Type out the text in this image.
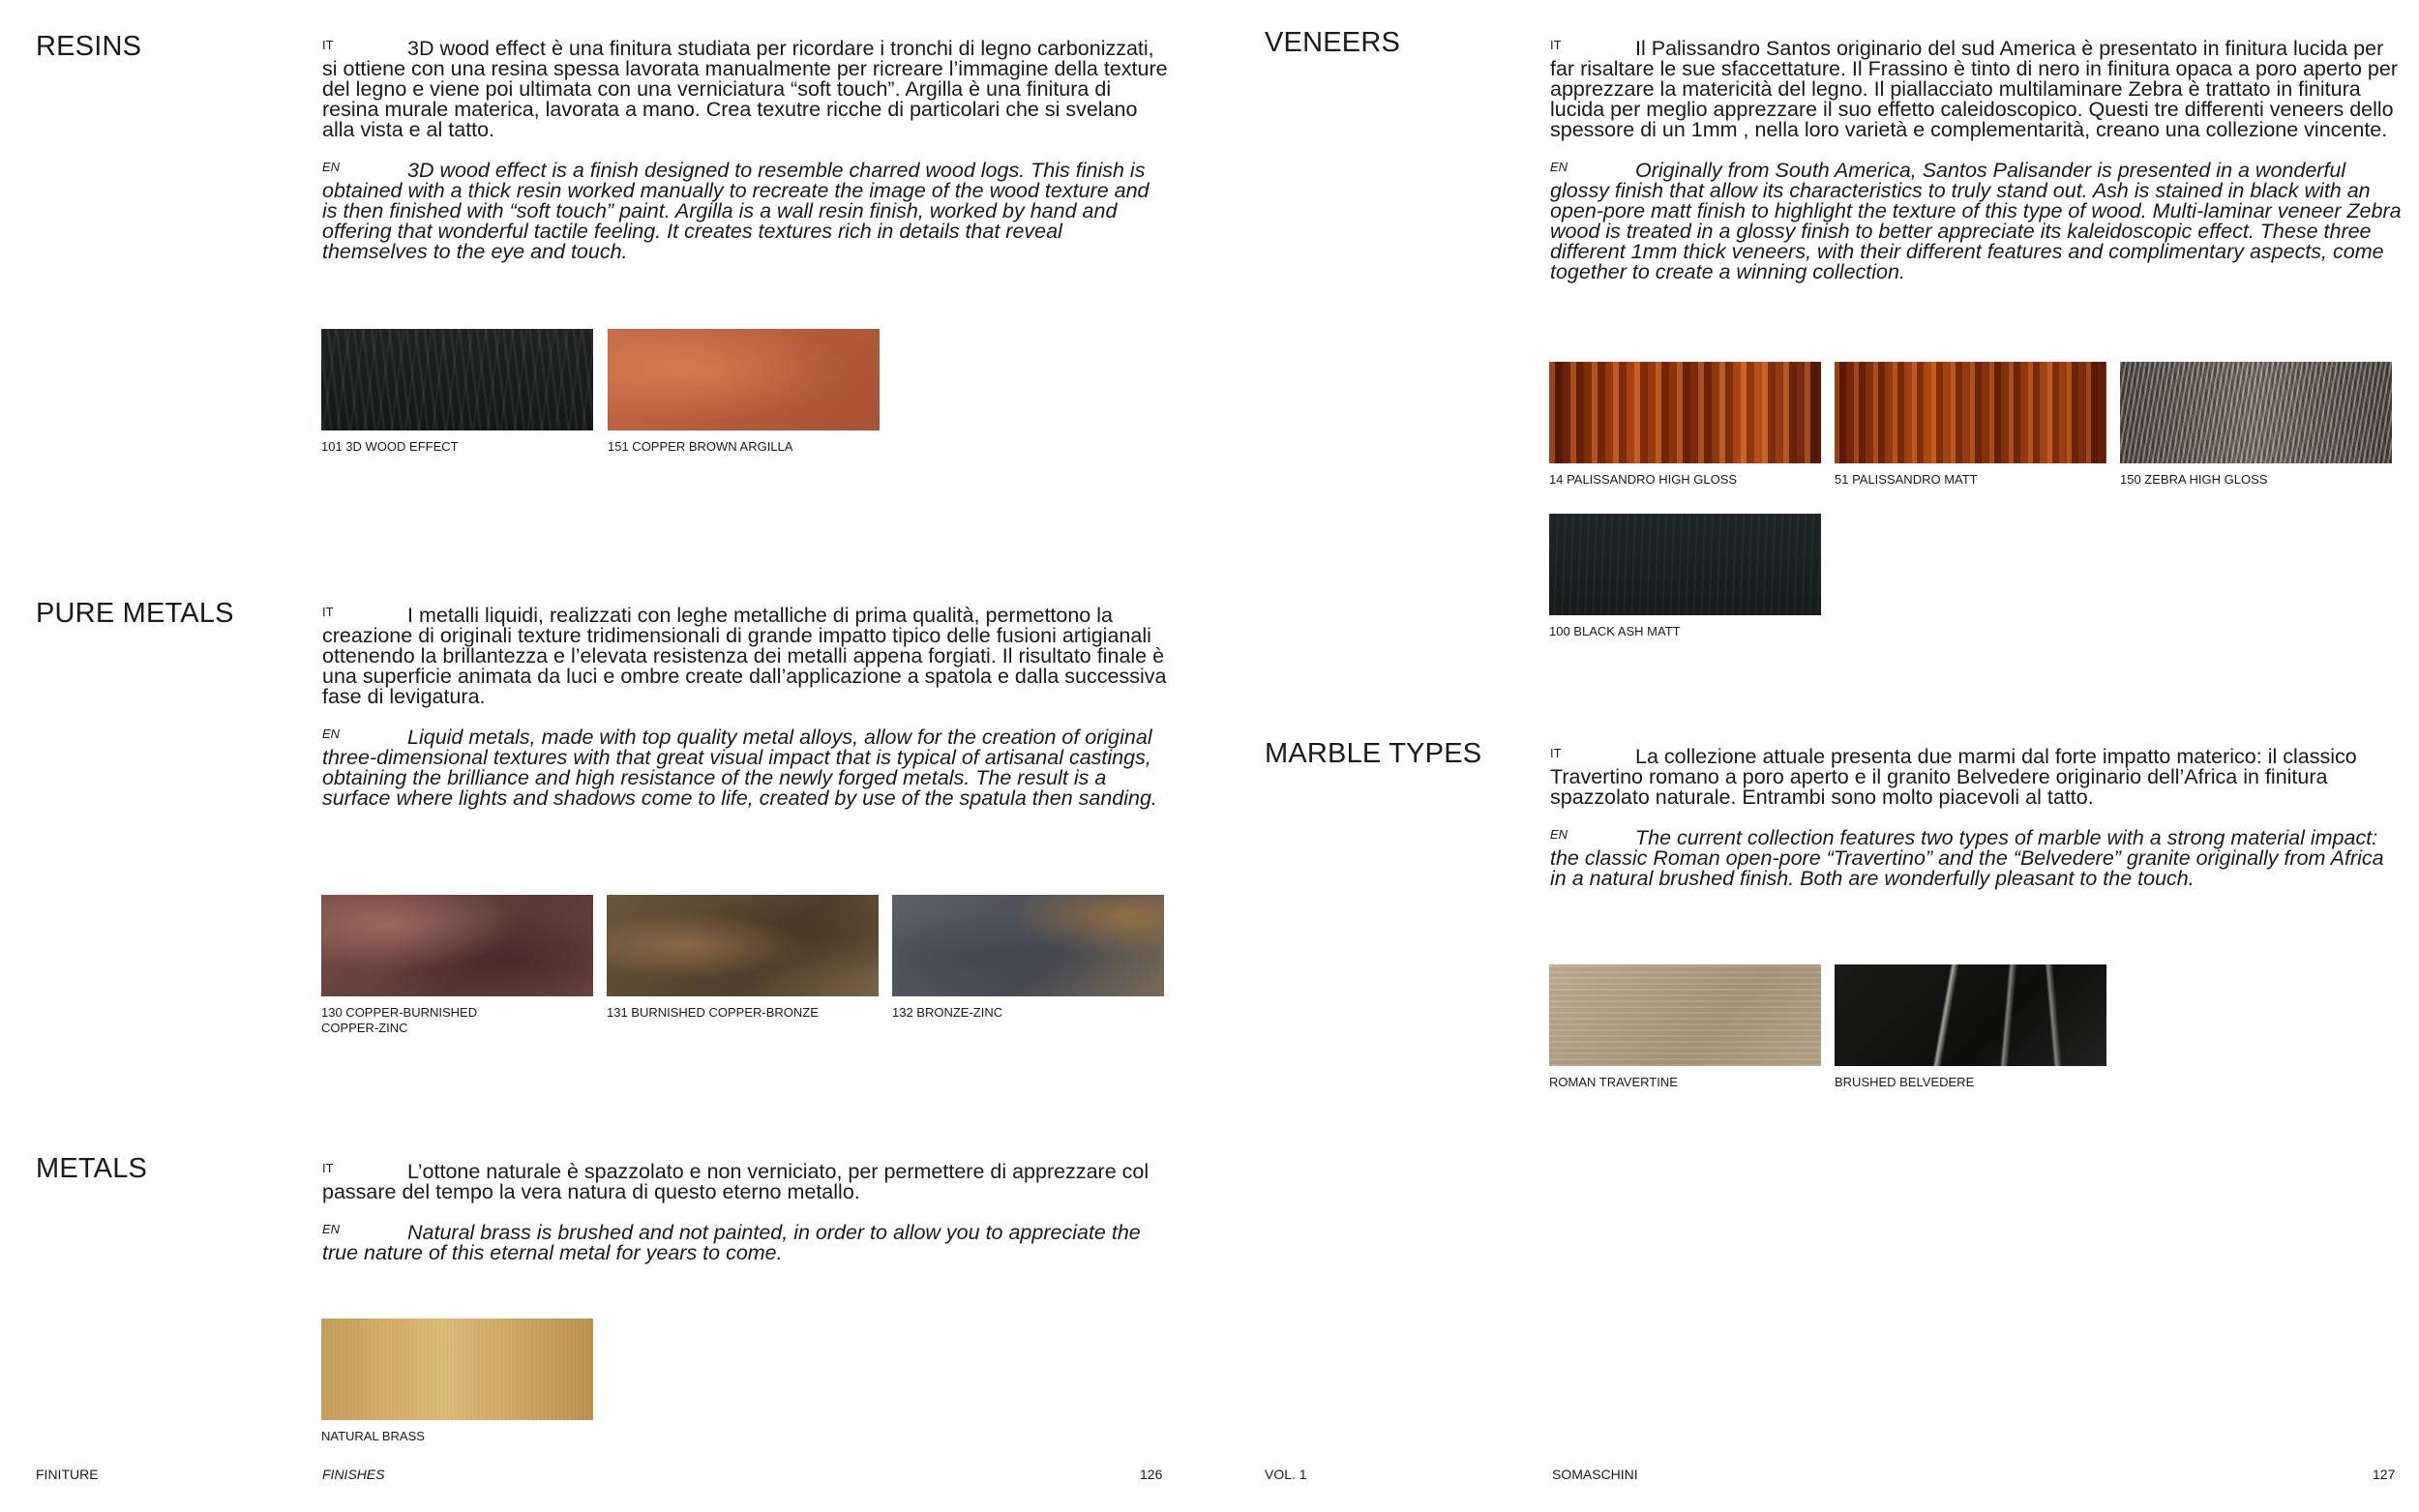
RESINS	IT	3D wood effect è una finitura studiata per ricordare i tronchi di legno carbonizzati, si ottiene con una resina spessa lavorata manualmente per ricreare l’immagine della texture del legno e viene poi ultimata con una verniciatura “soft touch”. Argilla è una finitura di resina murale materica, lavorata a mano. Crea texutre ricche di particolari che si svelano alla vista e al tatto.

EN	3D wood effect is a finish designed to resemble charred wood logs. This finish is obtained with a thick resin worked manually to recreate the image of the wood texture and is then finished with “soft touch” paint. Argilla is a wall resin finish, worked by hand and offering that wonderful tactile feeling. It creates textures rich in details that reveal themselves to the eye and touch.

101 3D WOOD EFFECT	151 COPPER BROWN ARGILLA
PURE METALS	IT	I metalli liquidi, realizzati con leghe metalliche di prima qualità, permettono la creazione di originali texture tridimensionali di grande impatto tipico delle fusioni artigianali ottenendo la brillantezza e l’elevata resistenza dei metalli appena forgiati. Il risultato finale è una superficie animata da luci e ombre create dall’applicazione a spatola e dalla successiva fase di levigatura.

EN	Liquid metals, made with top quality metal alloys, allow for the creation of original three-dimensional textures with that great visual impact that is typical of artisanal castings, obtaining the brilliance and high resistance of the newly forged metals. The result is a surface where lights and shadows come to life, created by use of the spatula then sanding.

130 COPPER-BURNISHED COPPER-ZINC
131 BURNISHED COPPER-BRONZE	132 BRONZE-ZINC
METALS	IT	L’ottone naturale è spazzolato e non verniciato, per permettere di apprezzare col passare del tempo la vera natura di questo eterno metallo.

EN	Natural brass is brushed and not painted, in order to allow you to appreciate the true nature of this eternal metal for years to come.

NATURAL BRASS
FINITURE	FINISHES	126
VENEERS	IT	Il Palissandro Santos originario del sud America è presentato in finitura lucida per far risaltare le sue sfaccettature. Il Frassino è tinto di nero in finitura opaca a poro aperto per apprezzare la matericità del legno. Il piallacciato multilaminare Zebra è trattato in finitura lucida per meglio apprezzare il suo effetto caleidoscopico. Questi tre differenti veneers dello spessore di un 1mm , nella loro varietà e complementarità, creano una collezione vincente.

EN	Originally from South America, Santos Palisander is presented in a wonderful glossy finish that allow its characteristics to truly stand out. Ash is stained in black with an open-pore matt finish to highlight the texture of this type of wood. Multi-laminar veneer Zebra wood is treated in a glossy finish to better appreciate its kaleidoscopic effect. These three different 1mm thick veneers, with their different features and complimentary aspects, come together to create a winning collection.

14 PALISSANDRO HIGH GLOSS	51 PALISSANDRO MATT	150 ZEBRA HIGH GLOSS
100 BLACK ASH MATT
MARBLE TYPES	IT	La collezione attuale presenta due marmi dal forte impatto materico: il classico Travertino romano a poro aperto e il granito Belvedere originario dell’Africa in finitura spazzolato naturale. Entrambi sono molto piacevoli al tatto.

EN	The current collection features two types of marble with a strong material impact: the classic Roman open-pore “Travertino” and the “Belvedere” granite originally from Africa in a natural brushed finish. Both are wonderfully pleasant to the touch.

ROMAN TRAVERTINE	BRUSHED BELVEDERE
VOL. 1	SOMASCHINI	127
